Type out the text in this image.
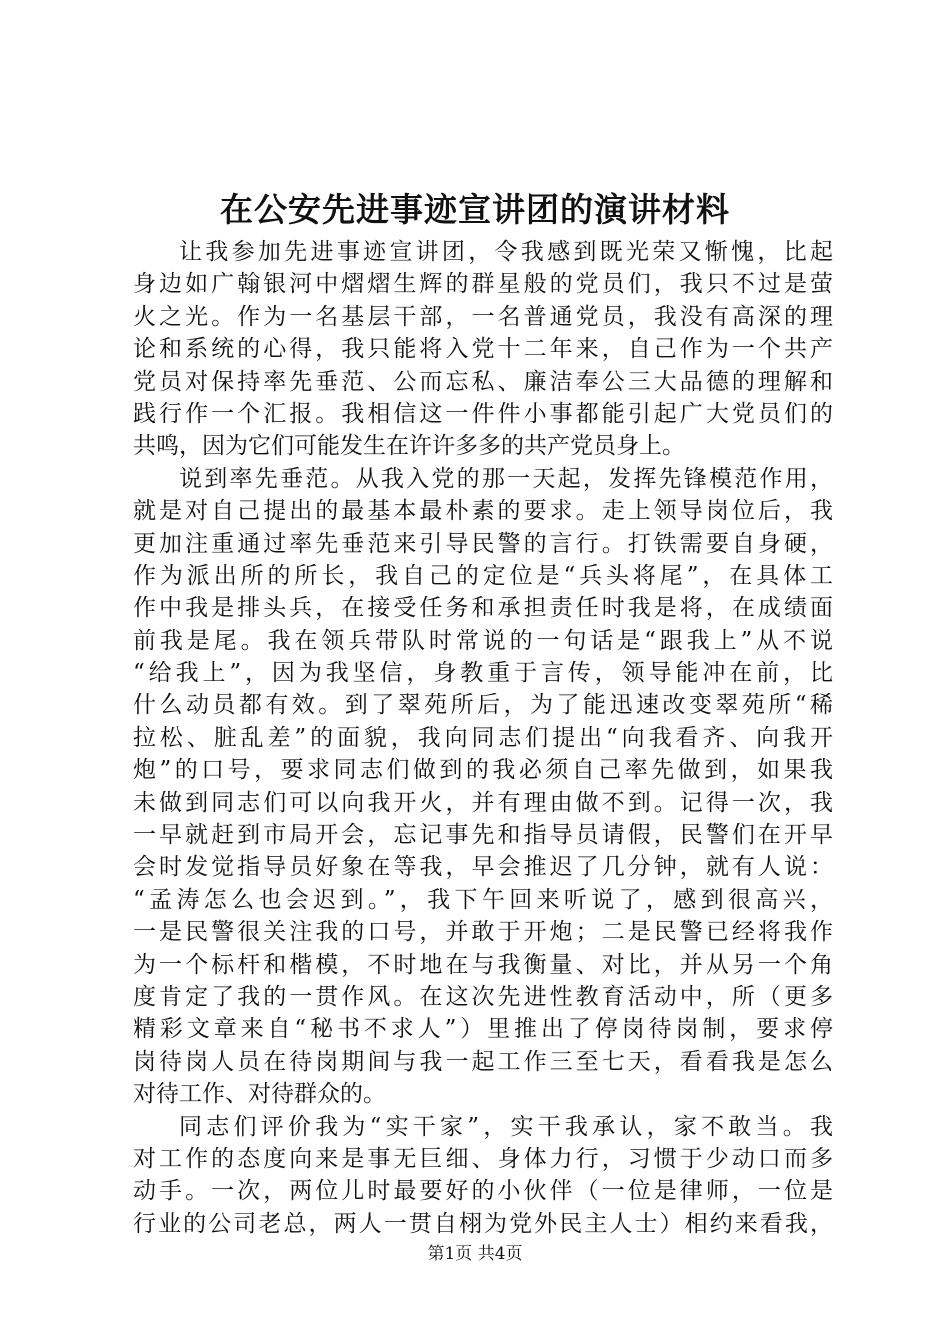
在公安先进事迹宣讲团的演讲材料
让我参加先进事迹宣讲团，令我感到既光荣又惭愧，比起
身边如广翰银河中熠熠生辉的群星般的党员们，我只不过是萤
火之光。作为一名基层干部，一名普通党员，我没有高深的理
论和系统的心得，我只能将入党十二年来，自己作为一个共产
党员对保持率先垂范、公而忘私、廉洁奉公三大品德的理解和
践行作一个汇报。我相信这一件件小事都能引起广大党员们的
共鸣，因为它们可能发生在许许多多的共产党员身上。
说到率先垂范。从我入党的那一天起，发挥先锋模范作用，
就是对自己提出的最基本最朴素的要求。走上领导岗位后，我
更加注重通过率先垂范来引导民警的言行。打铁需要自身硬，
作为派出所的所长，我自己的定位是“兵头将尾”，在具体工
作中我是排头兵，在接受任务和承担责任时我是将，在成绩面
前我是尾。我在领兵带队时常说的一句话是“跟我上”从不说
“给我上”，因为我坚信，身教重于言传，领导能冲在前，比
什么动员都有效。到了翠苑所后，为了能迅速改变翠苑所“稀
拉松、脏乱差”的面貌，我向同志们提出“向我看齐、向我开
炮”的口号，要求同志们做到的我必须自己率先做到，如果我
未做到同志们可以向我开火，并有理由做不到。记得一次，我
一早就赶到市局开会，忘记事先和指导员请假，民警们在开早
会时发觉指导员好象在等我，早会推迟了几分钟，就有人说：
“孟涛怎么也会迟到。”，我下午回来听说了，感到很高兴，
一是民警很关注我的口号，并敢于开炮；二是民警已经将我作
为一个标杆和楷模，不时地在与我衡量、对比，并从另一个角
度肯定了我的一贯作风。在这次先进性教育活动中，所（更多
精彩文章来自“秘书不求人”）里推出了停岗待岗制，要求停
岗待岗人员在待岗期间与我一起工作三至七天，看看我是怎么
对待工作、对待群众的。
同志们评价我为“实干家”，实干我承认，家不敢当。我
对工作的态度向来是事无巨细、身体力行，习惯于少动口而多
动手。一次，两位儿时最要好的小伙伴（一位是律师，一位是
行业的公司老总，两人一贯自栩为党外民主人士）相约来看我，
第1页 共4页
